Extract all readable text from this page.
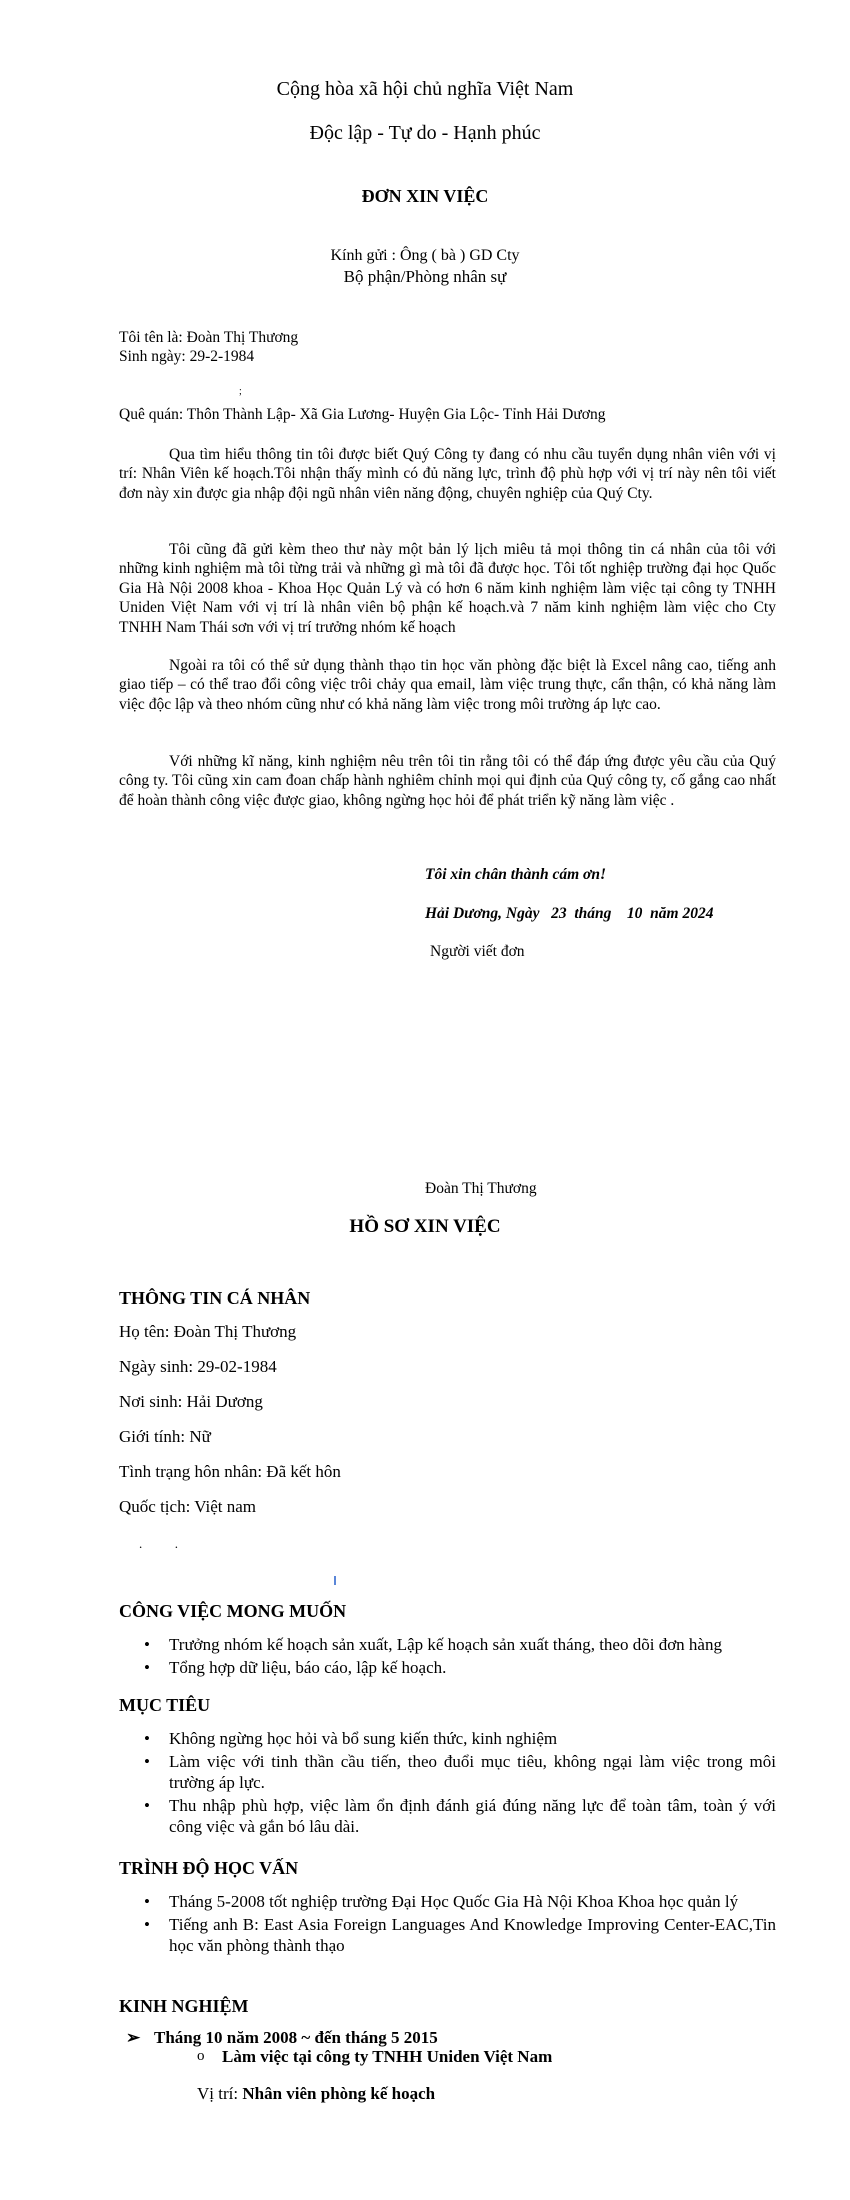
Cộng hòa xã hội chủ nghĩa Việt Nam
Độc lập - Tự do - Hạnh phúc
ĐƠN XIN VIỆC
Kính gửi : Ông ( bà ) GD Cty
Bộ phận/Phòng nhân sự
Tôi tên là: Đoàn Thị Thương
Sinh ngày: 29-2-1984
;
Quê quán: Thôn Thành Lập- Xã Gia Lương- Huyện Gia Lộc- Tỉnh Hải Dương
Qua tìm hiểu thông tin tôi được biết Quý Công ty đang có nhu cầu tuyển dụng nhân viên với vị trí: Nhân Viên kế hoạch.Tôi nhận thấy mình có đủ năng lực, trình độ phù hợp với vị trí này nên tôi viết đơn này xin được gia nhập đội ngũ nhân viên năng động, chuyên nghiệp của Quý Cty.
Tôi cũng đã gửi kèm theo thư này một bản lý lịch miêu tả mọi thông tin cá nhân của tôi với những kinh nghiệm mà tôi từng trải và những gì mà tôi đã được học. Tôi tốt nghiệp trường đại học Quốc Gia Hà Nội 2008 khoa - Khoa Học Quản Lý và có hơn 6 năm kinh nghiệm làm việc tại công ty TNHH Uniden Việt Nam với vị trí là nhân viên bộ phận kế hoạch.và 7 năm kinh nghiệm làm việc cho Cty TNHH Nam Thái sơn với vị trí trưởng nhóm kế hoạch
Ngoài ra tôi có thể sử dụng thành thạo tin học văn phòng đặc biệt là Excel nâng cao, tiếng anh giao tiếp – có thể trao đổi công việc trôi chảy qua email, làm việc trung thực, cẩn thận, có khả năng làm việc độc lập và theo nhóm cũng như có khả năng làm việc trong môi trường áp lực cao.
Với những kĩ năng, kinh nghiệm nêu trên tôi tin rằng tôi có thể đáp ứng được yêu cầu của Quý công ty. Tôi cũng xin cam đoan chấp hành nghiêm chỉnh mọi qui định của Quý công ty, cố gắng cao nhất để hoàn thành công việc được giao, không ngừng học hỏi để phát triển kỹ năng làm việc .
Tôi xin chân thành cám ơn!
Hải Dương, Ngày   23  tháng    10  năm 2024
Người viết đơn
Đoàn Thị Thương
HỒ SƠ XIN VIỆC
THÔNG TIN CÁ NHÂN
Họ tên: Đoàn Thị Thương
Ngày sinh: 29-02-1984
Nơi sinh: Hải Dương
Giới tính: Nữ
Tình trạng hôn nhân: Đã kết hôn
Quốc tịch: Việt nam
.          .
CÔNG VIỆC MONG MUỐN
• Trưởng nhóm kế hoạch sản xuất, Lập kế hoạch sản xuất tháng, theo dõi đơn hàng
• Tổng hợp dữ liệu, báo cáo, lập kế hoạch.
MỤC TIÊU
• Không ngừng học hỏi và bổ sung kiến thức, kinh nghiệm
• Làm việc với tinh thần cầu tiến, theo đuổi mục tiêu, không ngại làm việc trong môi trường áp lực.
• Thu nhập phù hợp, việc làm ổn định đánh giá đúng năng lực để toàn tâm, toàn ý với công việc và gắn bó lâu dài.
TRÌNH ĐỘ HỌC VẤN
• Tháng 5-2008 tốt nghiệp trường Đại Học Quốc Gia Hà Nội Khoa Khoa học quản lý
• Tiếng anh B: East Asia Foreign Languages And Knowledge Improving Center-EAC,Tin học văn phòng thành thạo
KINH NGHIỆM
➢ Tháng 10 năm 2008 ~ đến tháng 5 2015
o Làm việc tại công ty TNHH Uniden Việt Nam
Vị trí: Nhân viên phòng kế hoạch
